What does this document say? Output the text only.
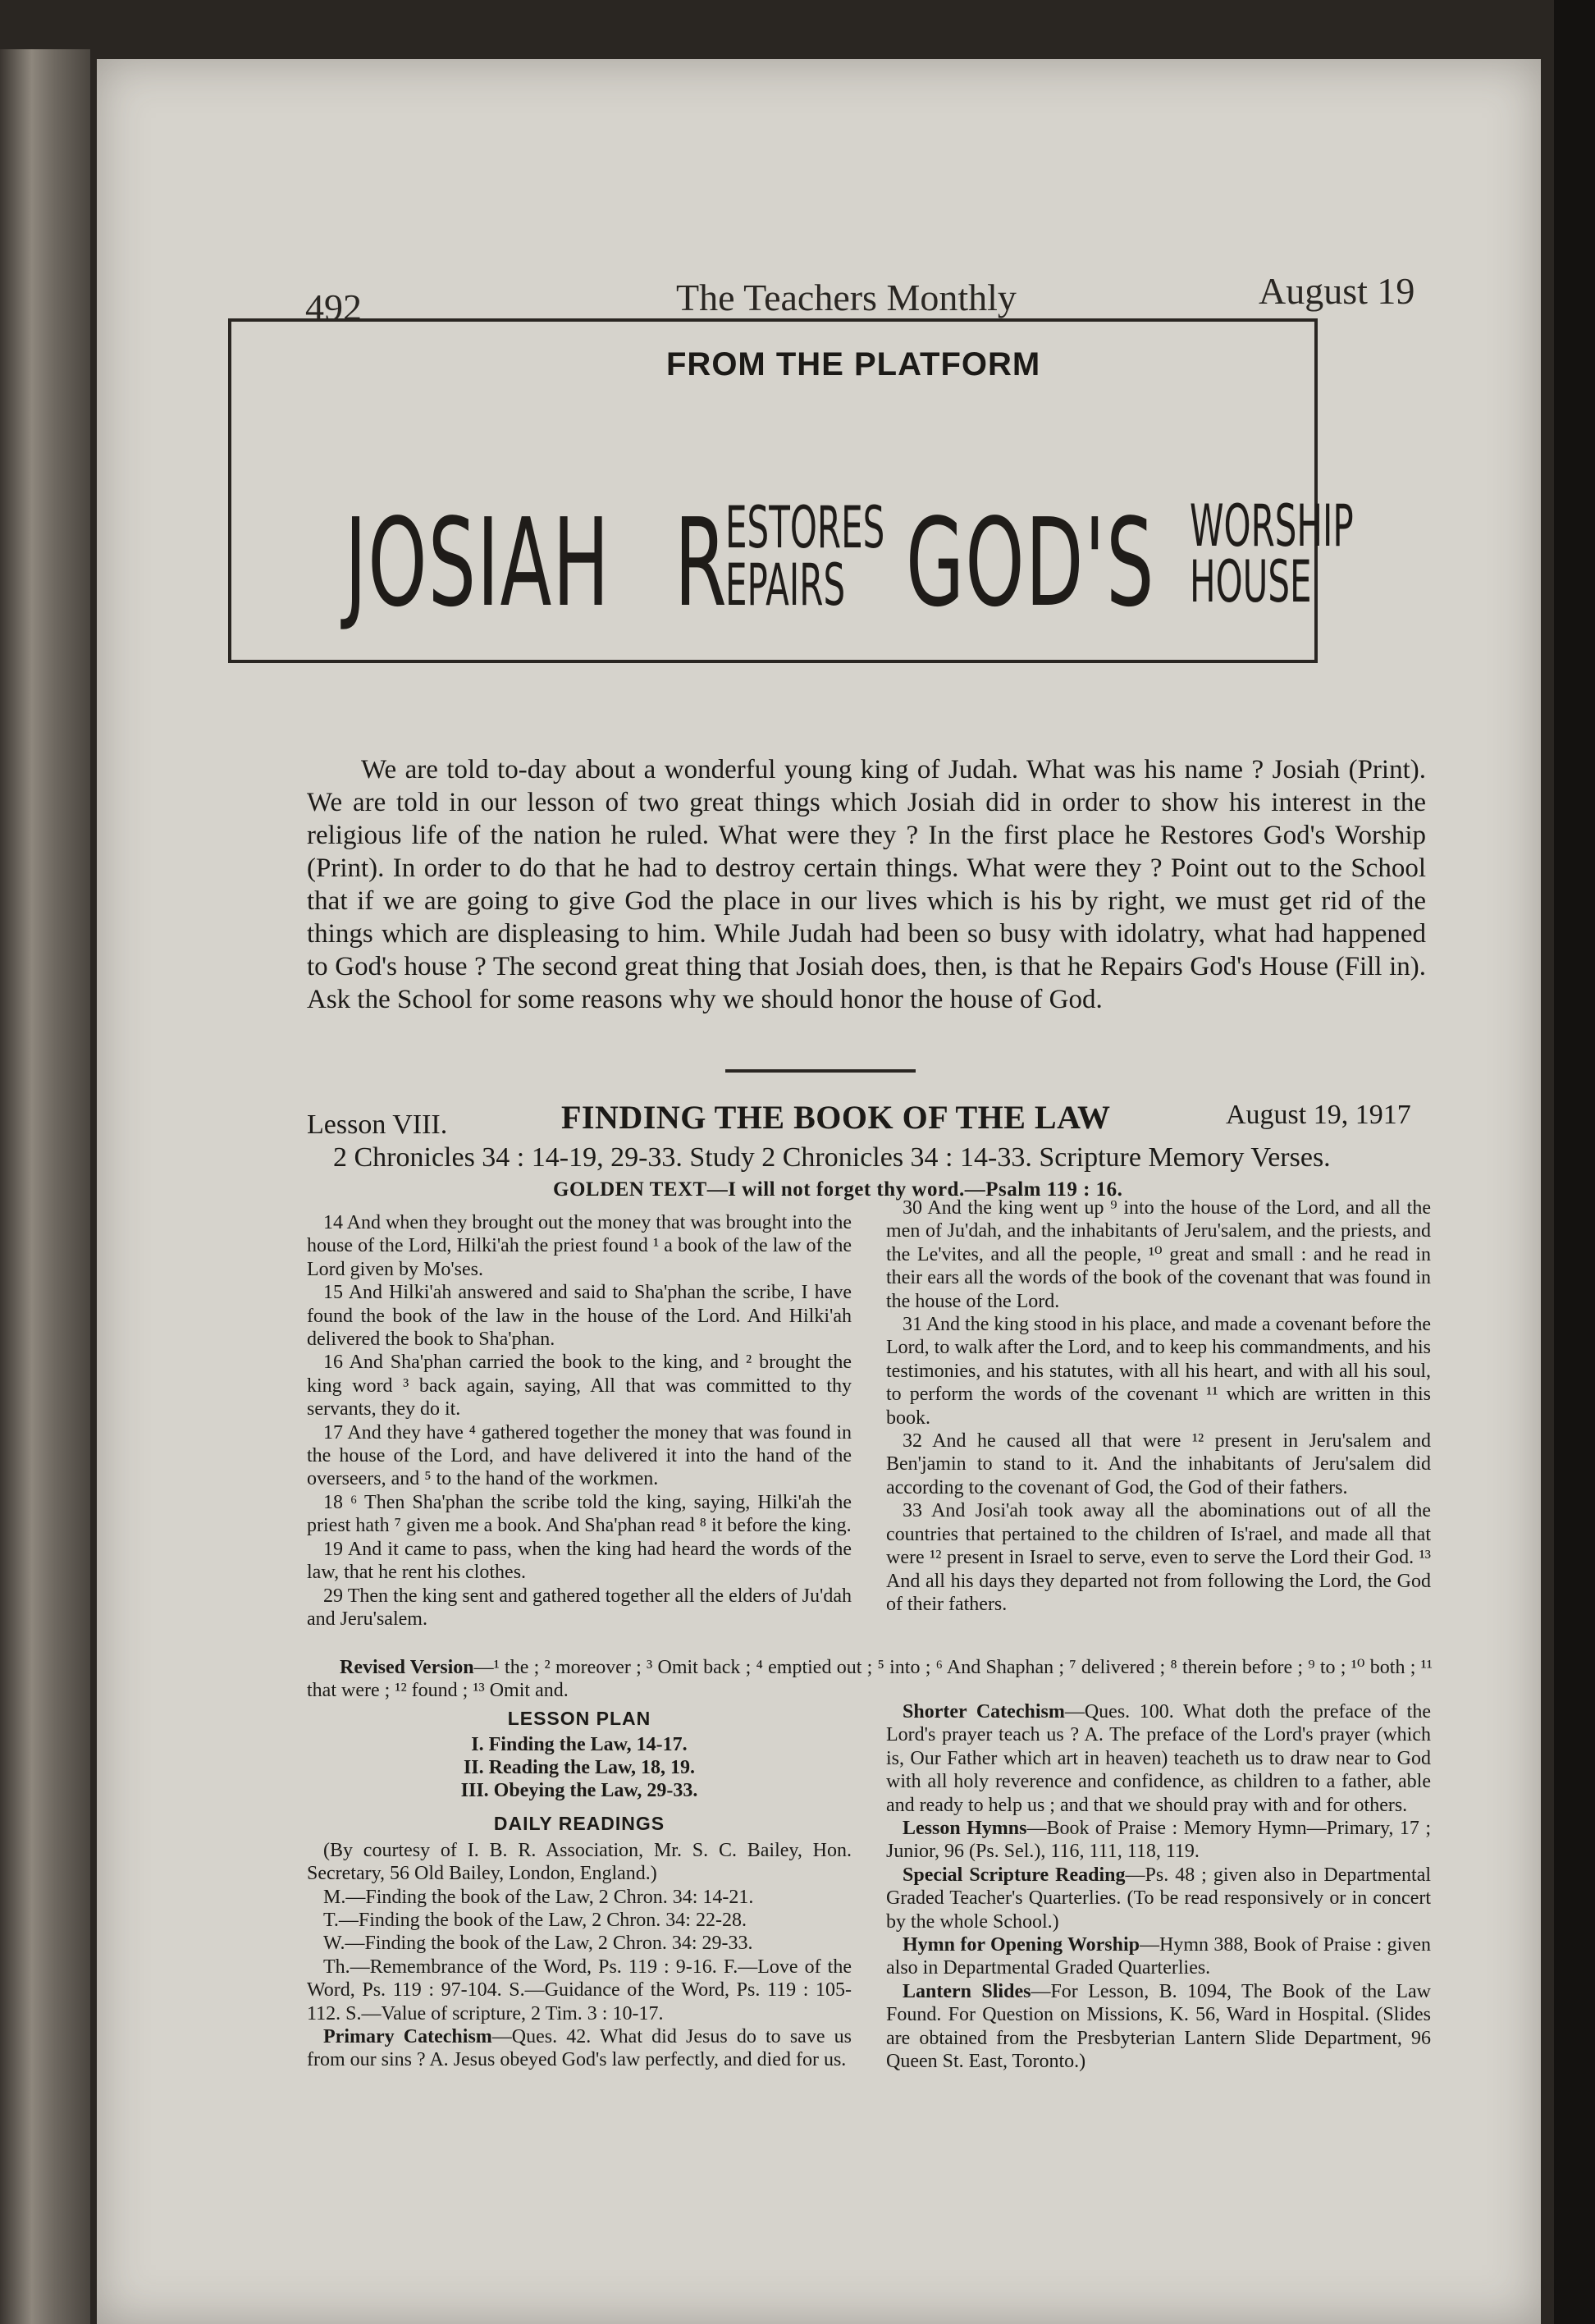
492	The Teachers Monthly	August 19
FROM THE PLATFORM
JOSIAH R
ESTORES
EPAIRS GOD'S WORSHIP
HOUSE
We are told to-day about a wonderful young king of Judah. What was his name ? Josiah (Print). We are told in our lesson of two great things which Josiah did in order to show his interest in the religious life of the nation he ruled. What were they ? In the first place he Restores God's Worship (Print). In order to do that he had to destroy certain things. What were they ? Point out to the School that if we are going to give God the place in our lives which is his by right, we must get rid of the things which are displeasing to him. While Judah had been so busy with idolatry, what had happened to God's house ? The second great thing that Josiah does, then, is that he Repairs God's House (Fill in). Ask the School for some reasons why we should honor the house of God.
Lesson VIII.	FINDING THE BOOK OF THE LAW	August 19, 1917
2 Chronicles 34 : 14-19, 29-33. Study 2 Chronicles 34 : 14-33. Scripture Memory Verses.
GOLDEN TEXT—I will not forget thy word.—Psalm 119 : 16.

14 And when they brought out the money that was brought into the house of the Lord, Hilki'ah the priest found ¹ a book of the law of the Lord given by Mo'ses.

15 And Hilki'ah answered and said to Sha'phan the scribe, I have found the book of the law in the house of the Lord. And Hilki'ah delivered the book to Sha'phan.

16 And Sha'phan carried the book to the king, and ² brought the king word ³ back again, saying, All that was committed to thy servants, they do it.

17 And they have ⁴ gathered together the money that was found in the house of the Lord, and have delivered it into the hand of the overseers, and ⁵ to the hand of the workmen.

18 ⁶ Then Sha'phan the scribe told the king, saying, Hilki'ah the priest hath ⁷ given me a book. And Sha'phan read ⁸ it before the king.

19 And it came to pass, when the king had heard the words of the law, that he rent his clothes.

29 Then the king sent and gathered together all the elders of Ju'dah and Jeru'salem.

30 And the king went up ⁹ into the house of the Lord, and all the men of Ju'dah, and the inhabitants of Jeru'salem, and the priests, and the Le'vites, and all the people, ¹⁰ great and small : and he read in their ears all the words of the book of the covenant that was found in the house of the Lord.

31 And the king stood in his place, and made a covenant before the Lord, to walk after the Lord, and to keep his commandments, and his testimonies, and his statutes, with all his heart, and with all his soul, to perform the words of the covenant ¹¹ which are written in this book.

32 And he caused all that were ¹² present in Jeru'salem and Ben'jamin to stand to it. And the inhabitants of Jeru'salem did according to the covenant of God, the God of their fathers.

33 And Josi'ah took away all the abominations out of all the countries that pertained to the children of Is'rael, and made all that were ¹² present in Israel to serve, even to serve the Lord their God. ¹³ And all his days they departed not from following the Lord, the God of their fathers.

Revised Version—¹ the ; ² moreover ; ³ Omit back ; ⁴ emptied out ; ⁵ into ; ⁶ And Shaphan ; ⁷ delivered ; ⁸ therein before ; ⁹ to ; ¹⁰ both ; ¹¹ that were ; ¹² found ; ¹³ Omit and.

LESSON PLAN
I. Finding the Law, 14-17.
II. Reading the Law, 18, 19.
III. Obeying the Law, 29-33.
DAILY READINGS

(By courtesy of I. B. R. Association, Mr. S. C. Bailey, Hon. Secretary, 56 Old Bailey, London, England.)

M.—Finding the book of the Law, 2 Chron. 34: 14-21.

T.—Finding the book of the Law, 2 Chron. 34: 22-28.

W.—Finding the book of the Law, 2 Chron. 34: 29-33.

Th.—Remembrance of the Word, Ps. 119 : 9-16. F.—Love of the Word, Ps. 119 : 97-104. S.—Guidance of the Word, Ps. 119 : 105-112. S.—Value of scripture, 2 Tim. 3 : 10-17.

Primary Catechism—Ques. 42. What did Jesus do to save us from our sins ? A. Jesus obeyed God's law perfectly, and died for us.

Shorter Catechism—Ques. 100. What doth the preface of the Lord's prayer teach us ? A. The preface of the Lord's prayer (which is, Our Father which art in heaven) teacheth us to draw near to God with all holy reverence and confidence, as children to a father, able and ready to help us ; and that we should pray with and for others.

Lesson Hymns—Book of Praise : Memory Hymn—Primary, 17 ; Junior, 96 (Ps. Sel.), 116, 111, 118, 119.

Special Scripture Reading—Ps. 48 ; given also in Departmental Graded Teacher's Quarterlies. (To be read responsively or in concert by the whole School.)

Hymn for Opening Worship—Hymn 388, Book of Praise : given also in Departmental Graded Quarterlies.

Lantern Slides—For Lesson, B. 1094, The Book of the Law Found. For Question on Missions, K. 56, Ward in Hospital. (Slides are obtained from the Presbyterian Lantern Slide Department, 96 Queen St. East, Toronto.)
